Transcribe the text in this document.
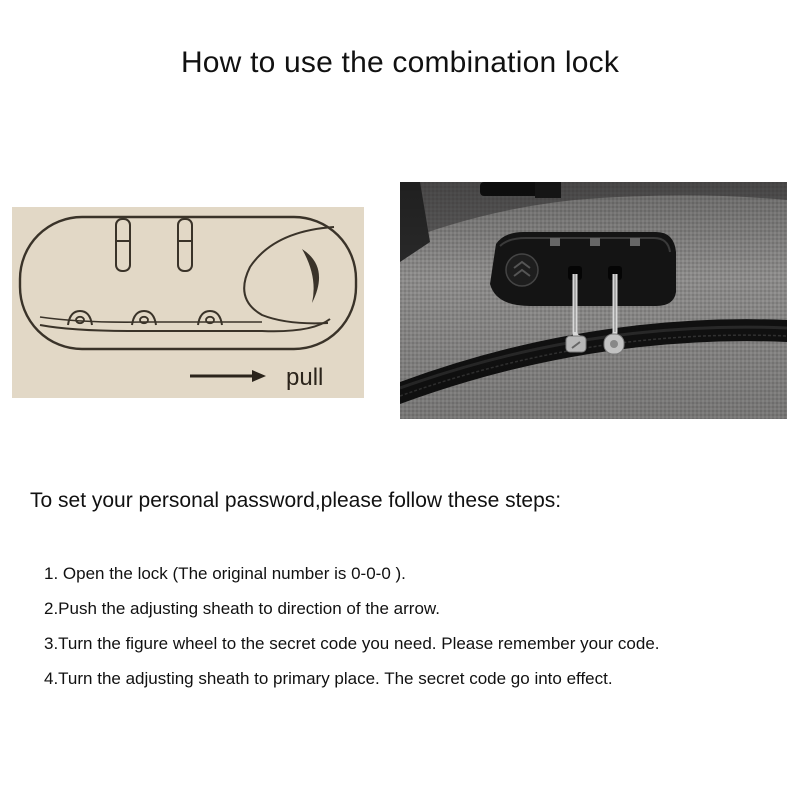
How to use the combination lock
pull
To set your personal password,please follow these steps:
1. Open the lock (The original number is 0-0-0 ).
2.Push the adjusting sheath to direction of the arrow.
3.Turn the figure wheel to the secret code you need. Please remember your code.
4.Turn the adjusting sheath to primary place. The secret code go into effect.
